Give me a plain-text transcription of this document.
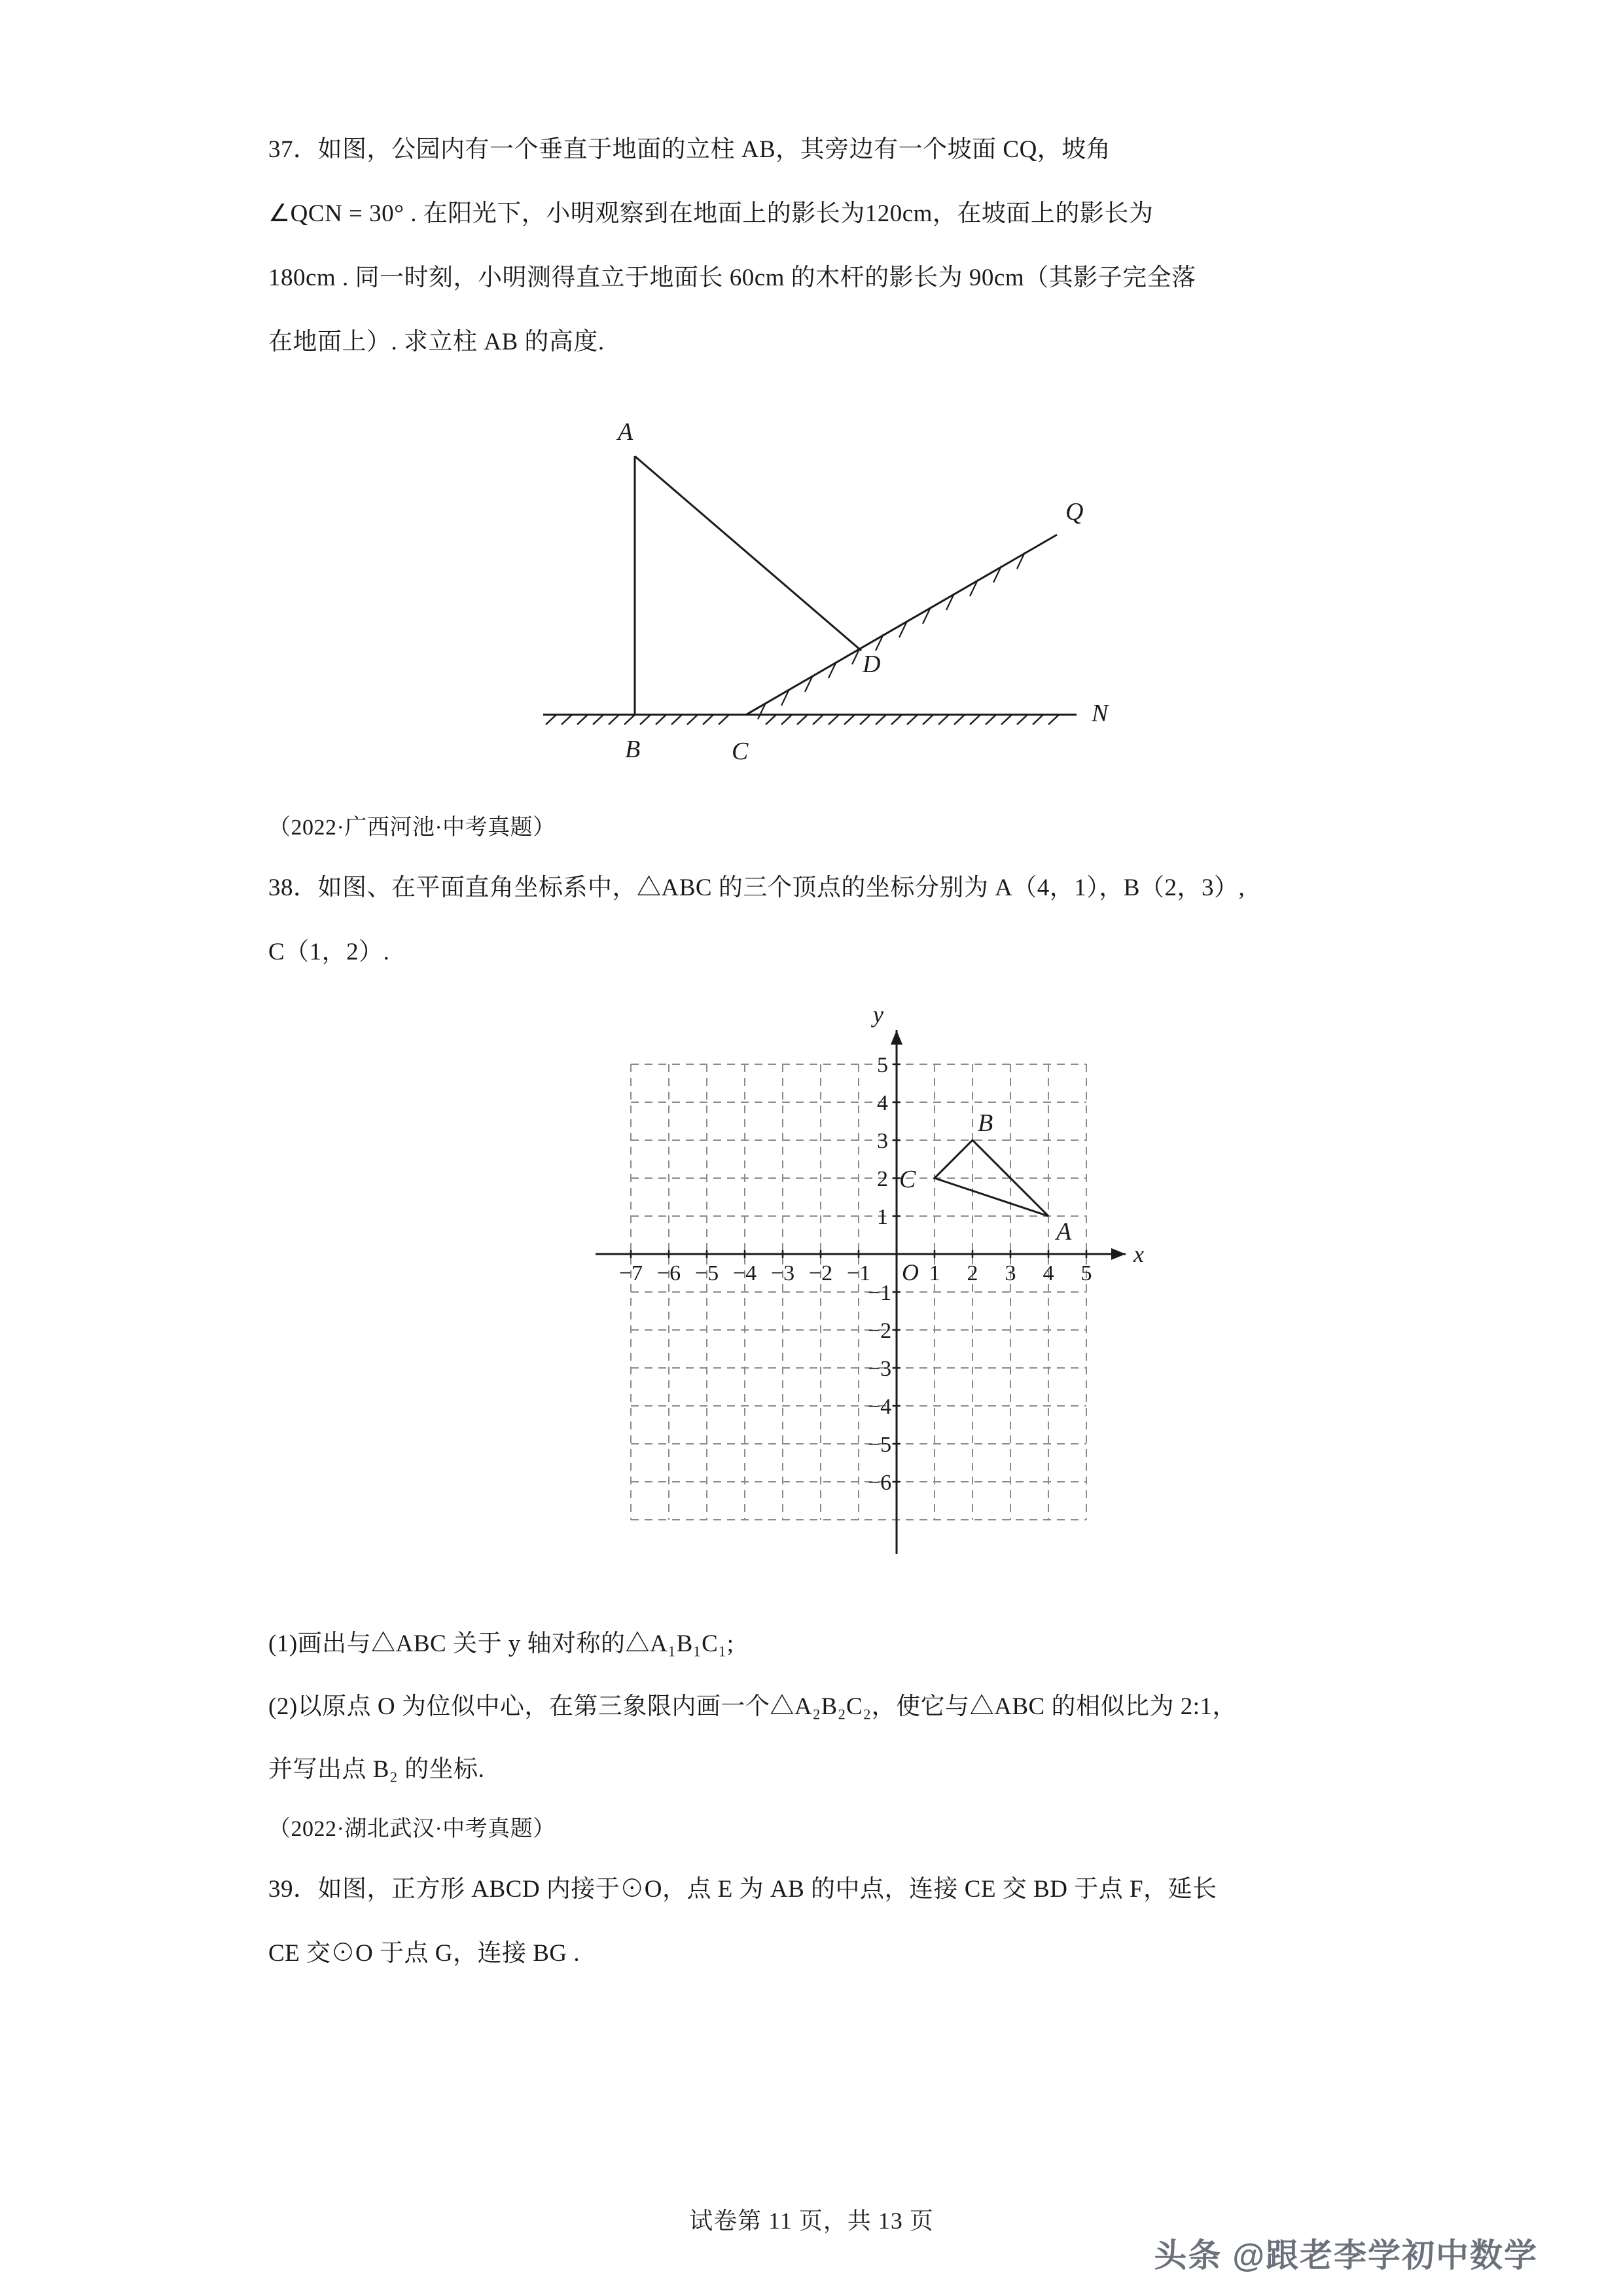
37．如图，公园内有一个垂直于地面的立柱 AB，其旁边有一个坡面 CQ，坡角
∠QCN = 30° . 在阳光下，小明观察到在地面上的影长为120cm，在坡面上的影长为
180cm . 同一时刻，小明测得直立于地面长 60cm 的木杆的影长为 90cm（其影子完全落
在地面上）. 求立柱 AB 的高度.
A
Q
D
N
B	C
（2022·广西河池·中考真题）
38．如图、在平面直角坐标系中，△ABC 的三个顶点的坐标分别为 A（4，1），B（2，3）,
C（1，2）.
y
x
O
−7 −6 −5 −4 −3 −2 −1	1 2 3 4 5
5
4
3
2
1
−1
−2
−3
−4
−5
−6
A
B
C
(1)画出与△ABC 关于 y 轴对称的△A₁B₁C₁;
(2)以原点 O 为位似中心，在第三象限内画一个△A₂B₂C₂，使它与△ABC 的相似比为 2:1，
并写出点 B₂ 的坐标.
（2022·湖北武汉·中考真题）
39．如图，正方形 ABCD 内接于⊙O，点 E 为 AB 的中点，连接 CE 交 BD 于点 F，延长
CE 交⊙O 于点 G，连接 BG .
试卷第 11 页，共 13 页
头条 @跟老李学初中数学
